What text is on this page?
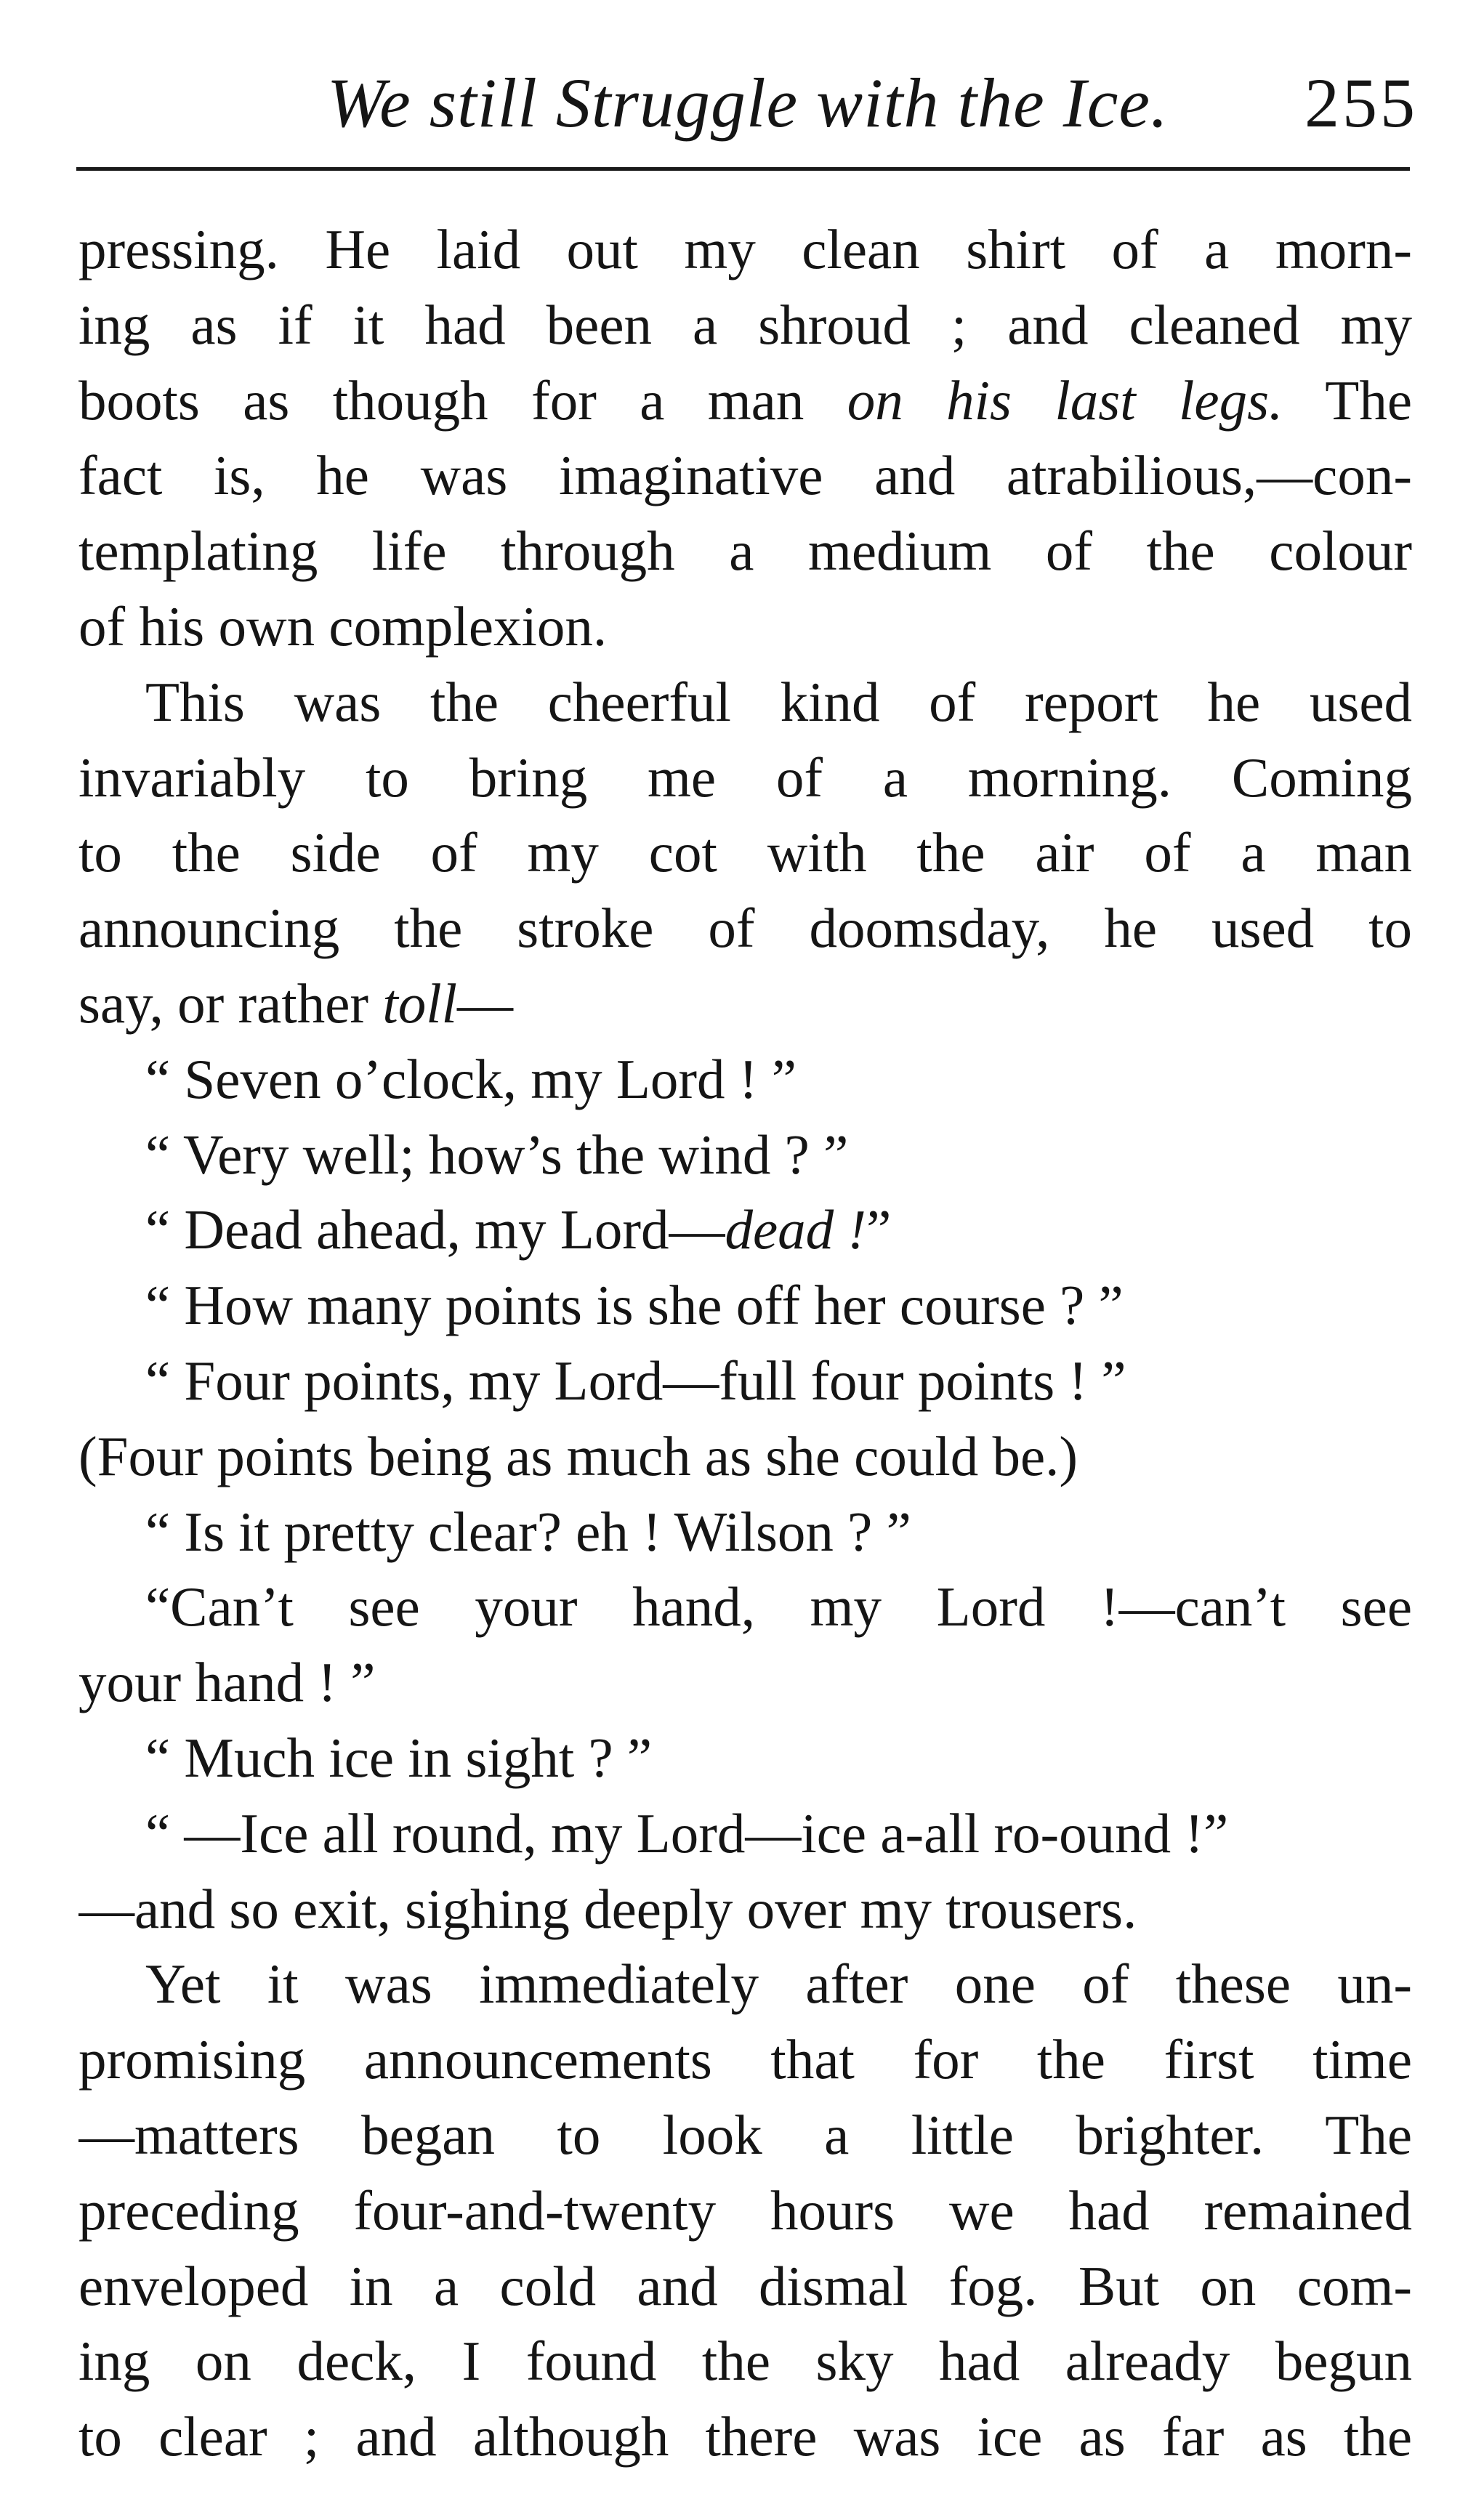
We still Struggle with the Ice. 255
pressing. He laid out my clean shirt of a morn-
ing as if it had been a shroud ; and cleaned my
boots as though for a man on his last legs. The
fact is, he was imaginative and atrabilious,—con-
templating life through a medium of the colour
of his own complexion.
This was the cheerful kind of report he used
invariably to bring me of a morning. Coming
to the side of my cot with the air of a man
announcing the stroke of doomsday, he used to
say, or rather toll—
“ Seven o’clock, my Lord ! ”
“ Very well; how’s the wind ? ”
“ Dead ahead, my Lord—dead !”
“ How many points is she off her course ? ”
“ Four points, my Lord—full four points ! ”
(Four points being as much as she could be.)
“ Is it pretty clear? eh ! Wilson ? ”
“Can’t see your hand, my Lord !—can’t see
your hand ! ”
“ Much ice in sight ? ”
“ —Ice all round, my Lord—ice a-all ro-ound !”
—and so exit, sighing deeply over my trousers.
Yet it was immediately after one of these un-
promising announcements that for the first time
—matters began to look a little brighter. The
preceding four-and-twenty hours we had remained
enveloped in a cold and dismal fog. But on com-
ing on deck, I found the sky had already begun
to clear ; and although there was ice as far as the
